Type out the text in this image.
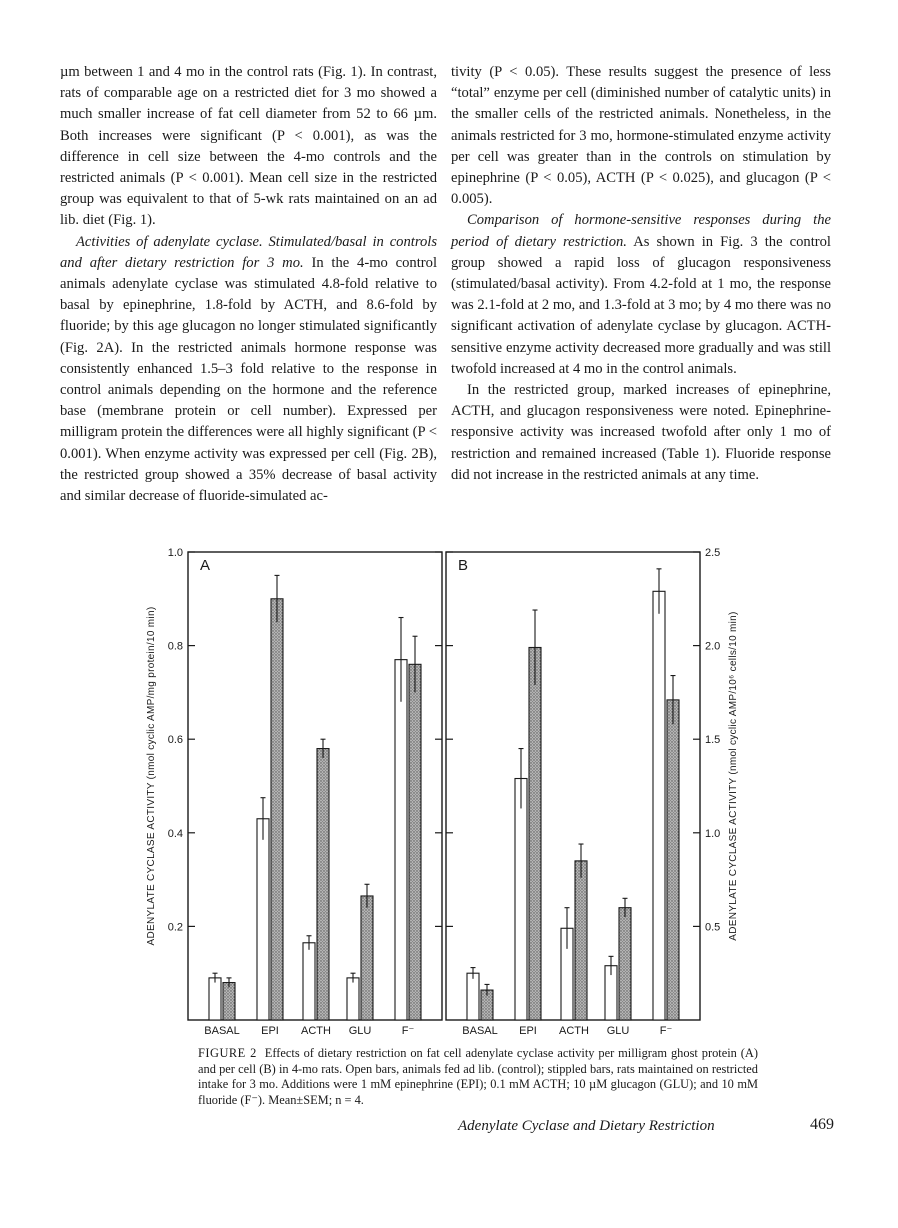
µm between 1 and 4 mo in the control rats (Fig. 1). In contrast, rats of comparable age on a restricted diet for 3 mo showed a much smaller increase of fat cell diameter from 52 to 66 µm. Both increases were significant (P < 0.001), as was the difference in cell size between the 4-mo controls and the restricted animals (P < 0.001). Mean cell size in the restricted group was equivalent to that of 5-wk rats maintained on an ad lib. diet (Fig. 1).

Activities of adenylate cyclase. Stimulated/basal in controls and after dietary restriction for 3 mo. In the 4-mo control animals adenylate cyclase was stimulated 4.8-fold relative to basal by epinephrine, 1.8-fold by ACTH, and 8.6-fold by fluoride; by this age glucagon no longer stimulated significantly (Fig. 2A). In the restricted animals hormone response was consistently enhanced 1.5–3 fold relative to the response in control animals depending on the hormone and the reference base (membrane protein or cell number). Expressed per milligram protein the differences were all highly significant (P < 0.001). When enzyme activity was expressed per cell (Fig. 2B), the restricted group showed a 35% decrease of basal activity and similar decrease of fluoride-simulated ac-

tivity (P < 0.05). These results suggest the presence of less “total” enzyme per cell (diminished number of catalytic units) in the smaller cells of the restricted animals. Nonetheless, in the animals restricted for 3 mo, hormone-stimulated enzyme activity per cell was greater than in the controls on stimulation by epinephrine (P < 0.05), ACTH (P < 0.025), and glucagon (P < 0.005).

Comparison of hormone-sensitive responses during the period of dietary restriction. As shown in Fig. 3 the control group showed a rapid loss of glucagon responsiveness (stimulated/basal activity). From 4.2-fold at 1 mo, the response was 2.1-fold at 2 mo, and 1.3-fold at 3 mo; by 4 mo there was no significant activation of adenylate cyclase by glucagon. ACTH-sensitive enzyme activity decreased more gradually and was still twofold increased at 4 mo in the control animals.

In the restricted group, marked increases of epinephrine, ACTH, and glucagon responsiveness were noted. Epinephrine-responsive activity was increased twofold after only 1 mo of restriction and remained increased (Table 1). Fluoride response did not increase in the restricted animals at any time.

A
0.2
0.4
0.6
0.8
1.0
BASAL EPI ACTH GLU	F⁻
ADENYLATE CYCLASE ACTIVITY (nmol cyclic AMP/mg protein/10 min)
B
0.5
1.0
1.5
2.0
2.5
BASAL EPI ACTH GLU	F⁻
ADENYLATE CYCLASE ACTIVITY (nmol cyclic AMP/10⁶ cells/10 min)
FIGURE 2 Effects of dietary restriction on fat cell adenylate cyclase activity per milligram ghost protein (A) and per cell (B) in 4-mo rats. Open bars, animals fed ad lib. (control); stippled bars, rats maintained on restricted intake for 3 mo. Additions were 1 mM epinephrine (EPI); 0.1 mM ACTH; 10 µM glucagon (GLU); and 10 mM fluoride (F⁻). Mean±SEM; n = 4.
Adenylate Cyclase and Dietary Restriction	469
